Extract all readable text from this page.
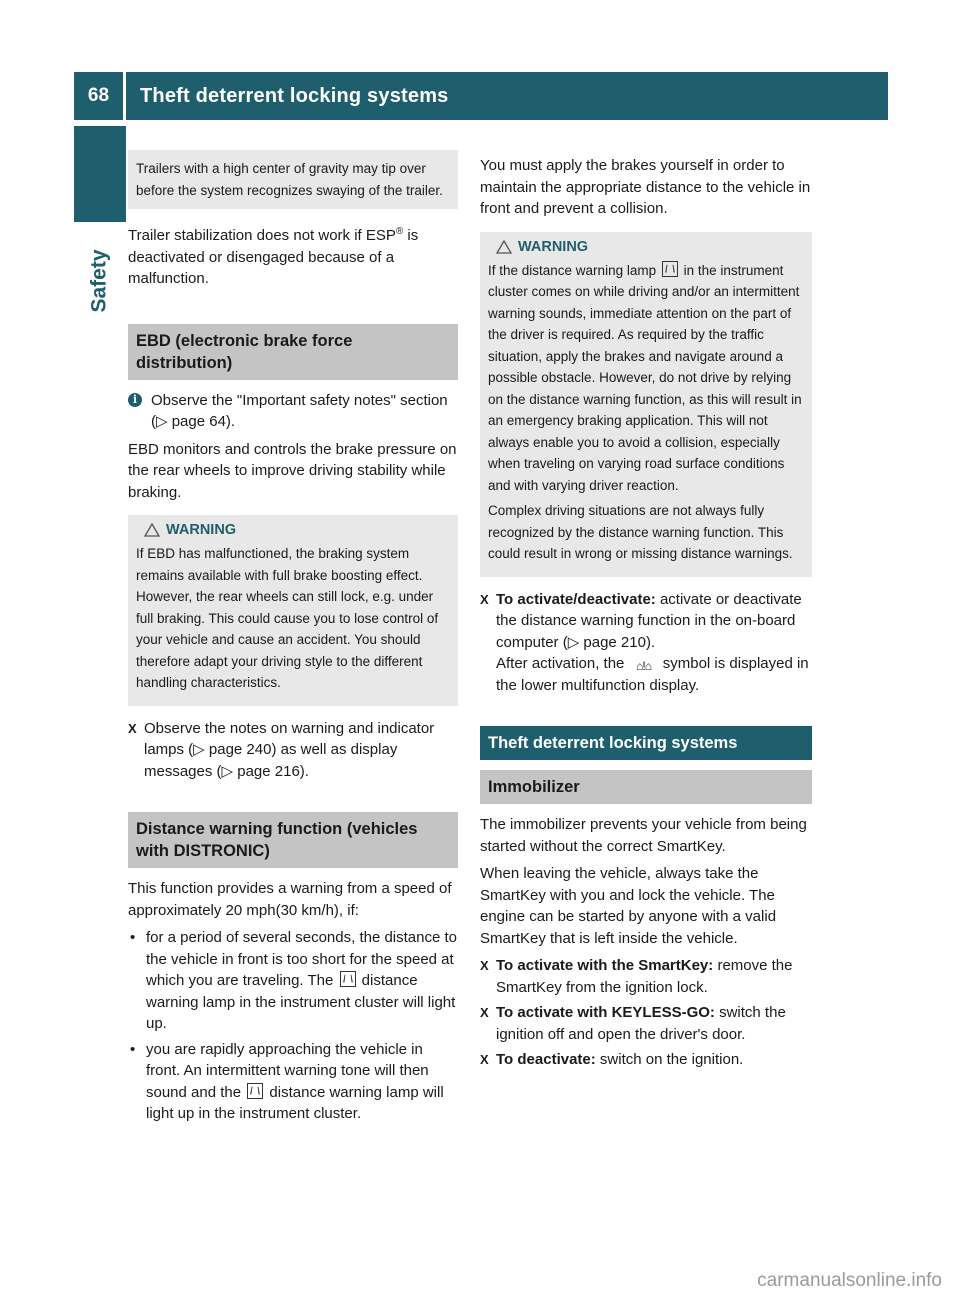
68	Theft deterrent locking systems
Safety
Trailers with a high center of gravity may tip over before the system recognizes swaying of the trailer.

Trailer stabilization does not work if ESP® is deactivated or disengaged because of a malfunction.

EBD (electronic brake force distribution)
i Observe the "Important safety notes" section (▷ page 64).

EBD monitors and controls the brake pressure on the rear wheels to improve driving stability while braking.

WARNING

If EBD has malfunctioned, the braking system remains available with full brake boosting effect. However, the rear wheels can still lock, e.g. under full braking. This could cause you to lose control of your vehicle and cause an accident. You should therefore adapt your driving style to the different handling characteristics.

X Observe the notes on warning and indicator lamps (▷ page 240) as well as display messages (▷ page 216).
Distance warning function (vehicles with DISTRONIC)

This function provides a warning from a speed of approximately 20 mph(30 km/h), if:

• for a period of several seconds, the distance to the vehicle in front is too short for the speed at which you are traveling. The  distance warning lamp in the instrument cluster will light up.
• you are rapidly approaching the vehicle in front. An intermittent warning tone will then sound and the  distance warning lamp will light up in the instrument cluster.

You must apply the brakes yourself in order to maintain the appropriate distance to the vehicle in front and prevent a collision.

WARNING

If the distance warning lamp  in the instrument cluster comes on while driving and/or an intermittent warning sounds, immediate attention on the part of the driver is required. As required by the traffic situation, apply the brakes and navigate around a possible obstacle. However, do not drive by relying on the distance warning function, as this will result in an emergency braking application. This will not always enable you to avoid a collision, especially when traveling on varying road surface conditions and with varying driver reaction.

Complex driving situations are not always fully recognized by the distance warning function. This could result in wrong or missing distance warnings.

X To activate/deactivate: activate or deactivate the distance warning function in the on-board computer (▷ page 210).
After activation, the ⌂!⌂ symbol is displayed in the lower multifunction display.
Theft deterrent locking systems
Immobilizer

The immobilizer prevents your vehicle from being started without the correct SmartKey.

When leaving the vehicle, always take the SmartKey with you and lock the vehicle. The engine can be started by anyone with a valid SmartKey that is left inside the vehicle.

X To activate with the SmartKey: remove the SmartKey from the ignition lock.
X To activate with KEYLESS-GO: switch the ignition off and open the driver's door.
X To deactivate: switch on the ignition.
carmanualsonline.info
